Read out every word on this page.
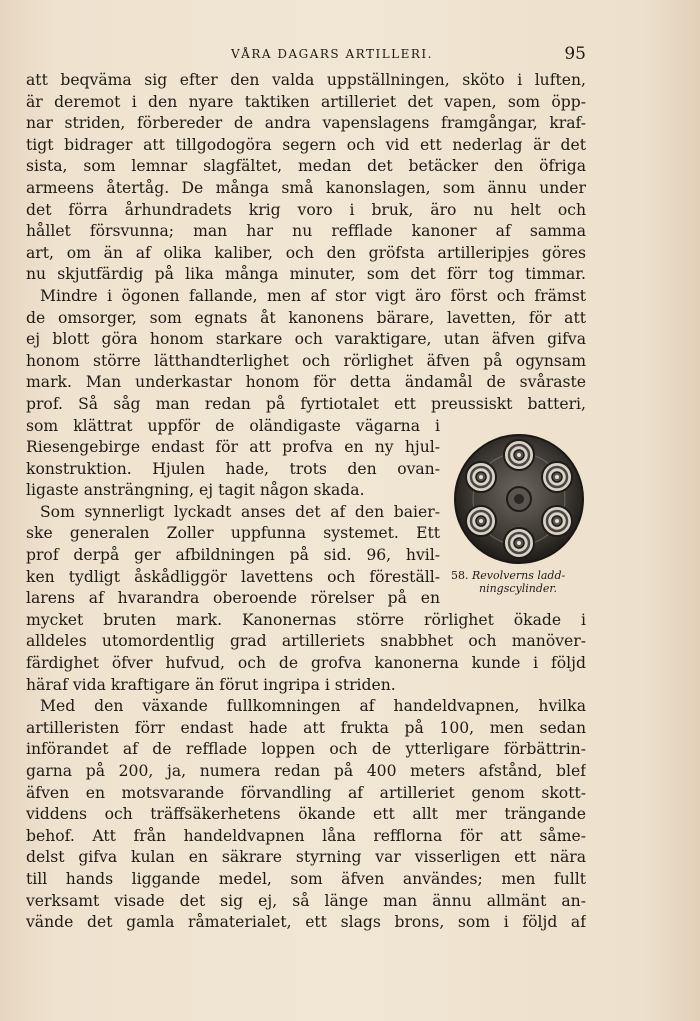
VÅRA DAGARS ARTILLERI.	95
att beqväma sig efter den valda uppställningen, sköto i luften,
är deremot i den nyare taktiken artilleriet det vapen, som öpp-
nar striden, förbereder de andra vapenslagens framgångar, kraf-
tigt bidrager att tillgodogöra segern och vid ett nederlag är det
sista, som lemnar slagfältet, medan det betäcker den öfriga
armeens återtåg. De många små kanonslagen, som ännu under
det förra århundradets krig voro i bruk, äro nu helt och
hållet försvunna; man har nu refflade kanoner af samma
art, om än af olika kaliber, och den gröfsta artilleripjes göres
nu skjutfärdig på lika många minuter, som det förr tog timmar.
Mindre i ögonen fallande, men af stor vigt äro först och främst
de omsorger, som egnats åt kanonens bärare, lavetten, för att
ej blott göra honom starkare och varaktigare, utan äfven gifva
honom större lätthandterlighet och rörlighet äfven på ogynsam
mark. Man underkastar honom för detta ändamål de svåraste
prof. Så såg man redan på fyrtiotalet ett preussiskt batteri,
som klättrat uppför de oländigaste vägarna i
Riesengebirge endast för att profva en ny hjul-
konstruktion. Hjulen hade, trots den ovan-
ligaste ansträngning, ej tagit någon skada.
Som synnerligt lyckadt anses det af den baier-
ske generalen Zoller uppfunna systemet. Ett
prof derpå ger afbildningen på sid. 96, hvil-
ken tydligt åskådliggör lavettens och föreställ-
larens af hvarandra oberoende rörelser på en
mycket bruten mark. Kanonernas större rörlighet ökade i
alldeles utomordentlig grad artilleriets snabbhet och manöver-
färdighet öfver hufvud, och de grofva kanonerna kunde i följd
häraf vida kraftigare än förut ingripa i striden.
Med den växande fullkomningen af handeldvapnen, hvilka
artilleristen förr endast hade att frukta på 100, men sedan
införandet af de refflade loppen och de ytterligare förbättrin-
garna på 200, ja, numera redan på 400 meters afstånd, blef
äfven en motsvarande förvandling af artilleriet genom skott-
viddens och träffsäkerhetens ökande ett allt mer trängande
behof. Att från handeldvapnen låna refflorna för att såme-
delst gifva kulan en säkrare styrning var visserligen ett nära
till hands liggande medel, som äfven användes; men fullt
verksamt visade det sig ej, så länge man ännu allmänt an-
vände det gamla råmaterialet, ett slags brons, som i följd af
58. Revolverns ladd-
ningscylinder.
